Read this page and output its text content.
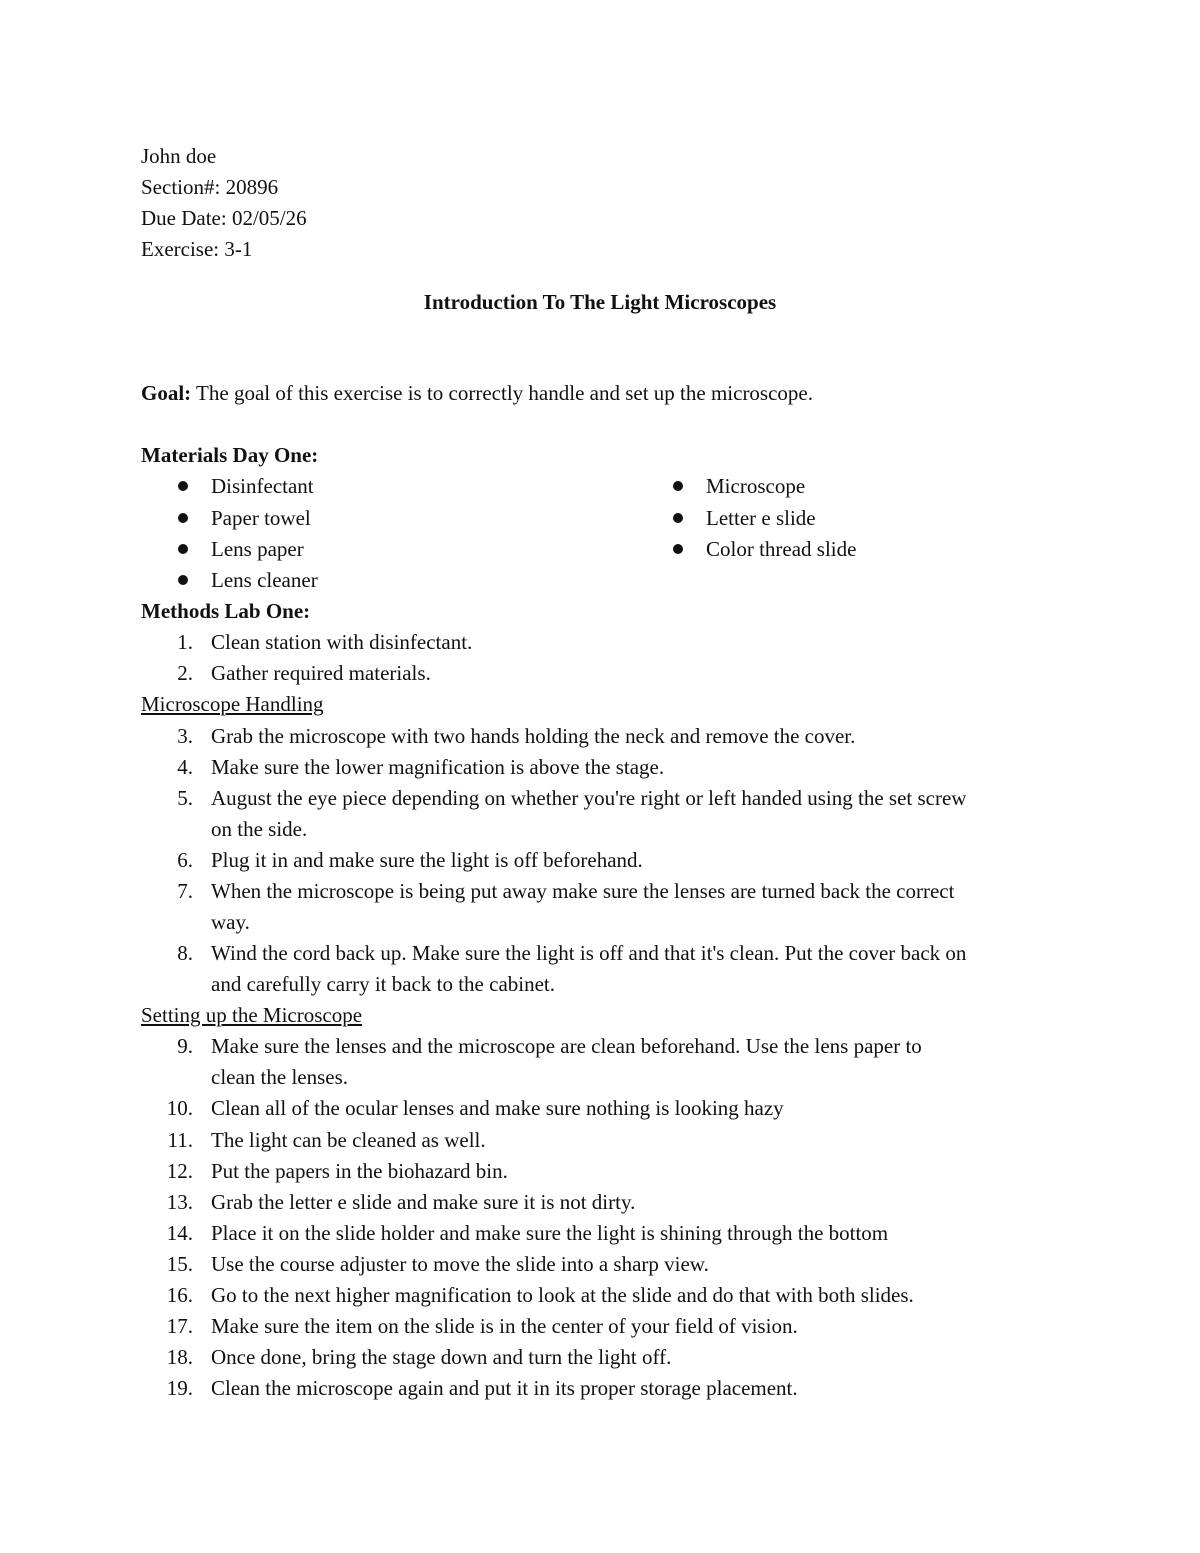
John doe
Section#: 20896
Due Date: 02/05/26
Exercise: 3-1
Introduction To The Light Microscopes
Goal: The goal of this exercise is to correctly handle and set up the microscope.
Materials Day One:
Disinfectant
Paper towel
Lens paper
Lens cleaner
Microscope
Letter e slide
Color thread slide
Methods Lab One:
1. Clean station with disinfectant.
2. Gather required materials.
Microscope Handling
3. Grab the microscope with two hands holding the neck and remove the cover.
4. Make sure the lower magnification is above the stage.
5. August the eye piece depending on whether you're right or left handed using the set screw
on the side.
6. Plug it in and make sure the light is off beforehand.
7. When the microscope is being put away make sure the lenses are turned back the correct
way.
8. Wind the cord back up. Make sure the light is off and that it's clean. Put the cover back on
and carefully carry it back to the cabinet.
Setting up the Microscope
9. Make sure the lenses and the microscope are clean beforehand. Use the lens paper to
clean the lenses.
10. Clean all of the ocular lenses and make sure nothing is looking hazy
11. The light can be cleaned as well.
12. Put the papers in the biohazard bin.
13. Grab the letter e slide and make sure it is not dirty.
14. Place it on the slide holder and make sure the light is shining through the bottom
15. Use the course adjuster to move the slide into a sharp view.
16. Go to the next higher magnification to look at the slide and do that with both slides.
17. Make sure the item on the slide is in the center of your field of vision.
18. Once done, bring the stage down and turn the light off.
19. Clean the microscope again and put it in its proper storage placement.
